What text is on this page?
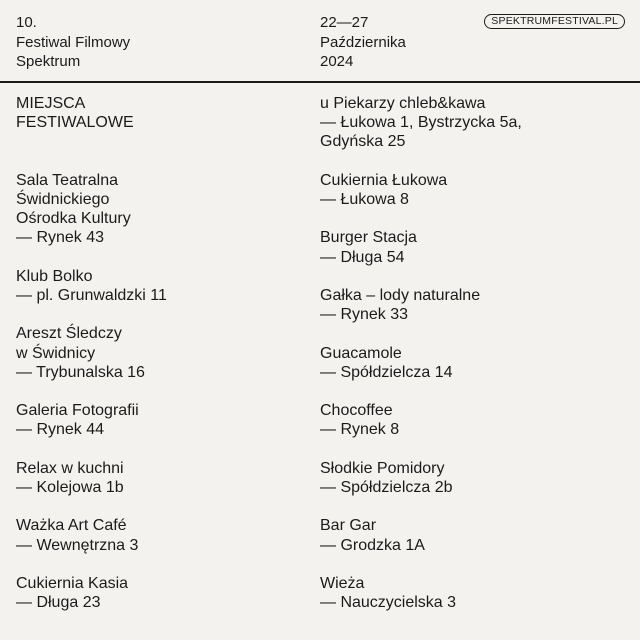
10.
Festiwal Filmowy
Spektrum
22—27
Października
2024
SPEKTRUMFESTIVAL.PL
MIEJSCA
FESTIWALOWE
Sala Teatralna
Świdnickiego
Ośrodka Kultury
— Rynek 43
Klub Bolko
— pl. Grunwaldzki 11
Areszt Śledczy
w Świdnicy
— Trybunalska 16
Galeria Fotografii
— Rynek 44
Relax w kuchni
— Kolejowa 1b
Ważka Art Café
— Wewnętrzna 3
Cukiernia Kasia
— Długa 23
u Piekarzy chleb&kawa
— Łukowa 1, Bystrzycka 5a,
Gdyńska 25
Cukiernia Łukowa
— Łukowa 8
Burger Stacja
— Długa 54
Gałka – lody naturalne
— Rynek 33
Guacamole
— Spółdzielcza 14
Chocoffee
— Rynek 8
Słodkie Pomidory
— Spółdzielcza 2b
Bar Gar
— Grodzka 1A
Wieża
— Nauczycielska 3
